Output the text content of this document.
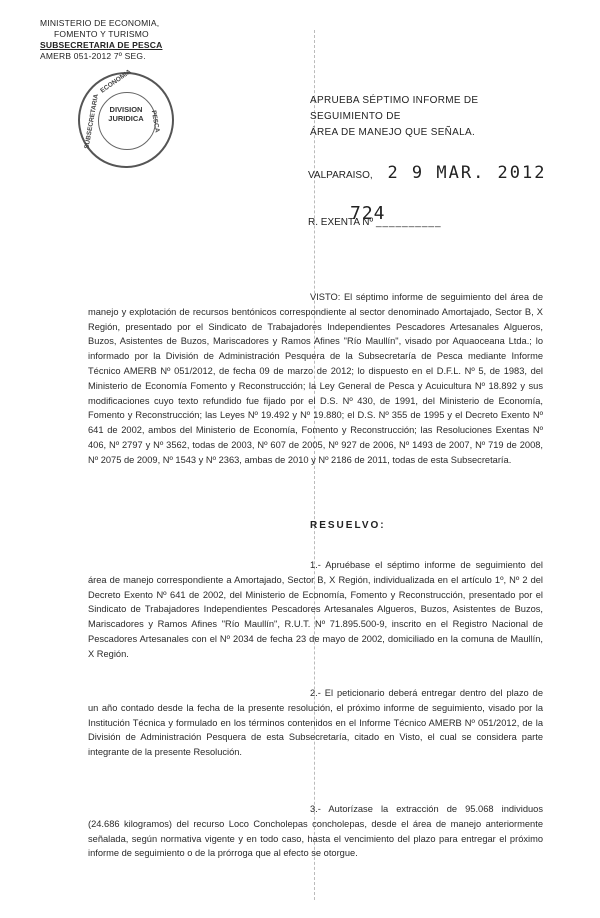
MINISTERIO DE ECONOMIA,
FOMENTO Y TURISMO
SUBSECRETARIA DE PESCA
AMERB 051-2012 7º SEG.
DIVISION
JURIDICA
ECONOMIA
SUBSECRETARIA	PESCA
APRUEBA SÉPTIMO INFORME DE SEGUIMIENTO DE
ÁREA DE MANEJO QUE SEÑALA.
VALPARAISO, 2 9 MAR. 2012
724
R. EXENTA Nº __________
VISTO: El séptimo informe de seguimiento del área de manejo y explotación de recursos bentónicos correspondiente al sector denominado Amortajado, Sector B, X Región, presentado por el Sindicato de Trabajadores Independientes Pescadores Artesanales Algueros, Buzos, Asistentes de Buzos, Mariscadores y Ramos Afines "Río Maullín", visado por Aquaoceana Ltda.; lo informado por la División de Administración Pesquera de la Subsecretaría de Pesca mediante Informe Técnico AMERB Nº 051/2012, de fecha 09 de marzo de 2012; lo dispuesto en el D.F.L. Nº 5, de 1983, del Ministerio de Economía Fomento y Reconstrucción; la Ley General de Pesca y Acuicultura Nº 18.892 y sus modificaciones cuyo texto refundido fue fijado por el D.S. Nº 430, de 1991, del Ministerio de Economía, Fomento y Reconstrucción; las Leyes Nº 19.492 y Nº 19.880; el D.S. Nº 355 de 1995 y el Decreto Exento Nº 641 de 2002, ambos del Ministerio de Economía, Fomento y Reconstrucción; las Resoluciones Exentas Nº 406, Nº 2797 y Nº 3562, todas de 2003, Nº 607 de 2005, Nº 927 de 2006, Nº 1493 de 2007, Nº 719 de 2008, Nº 2075 de 2009, Nº 1543 y Nº 2363, ambas de 2010 y Nº 2186 de 2011, todas de esta Subsecretaría.
RESUELVO:
1.- Apruébase el séptimo informe de seguimiento del área de manejo correspondiente a Amortajado, Sector B, X Región, individualizada en el artículo 1º, Nº 2 del Decreto Exento Nº 641 de 2002, del Ministerio de Economía, Fomento y Reconstrucción, presentado por el Sindicato de Trabajadores Independientes Pescadores Artesanales Algueros, Buzos, Asistentes de Buzos, Mariscadores y Ramos Afines "Río Maullín", R.U.T. Nº 71.895.500-9, inscrito en el Registro Nacional de Pescadores Artesanales con el Nº 2034 de fecha 23 de mayo de 2002, domiciliado en la comuna de Maullín, X Región.
2.- El peticionario deberá entregar dentro del plazo de un año contado desde la fecha de la presente resolución, el próximo informe de seguimiento, visado por la Institución Técnica y formulado en los términos contenidos en el Informe Técnico AMERB Nº 051/2012, de la División de Administración Pesquera de esta Subsecretaría, citado en Visto, el cual se considera parte integrante de la presente Resolución.
3.- Autorízase la extracción de 95.068 individuos (24.686 kilogramos) del recurso Loco Concholepas concholepas, desde el área de manejo anteriormente señalada, según normativa vigente y en todo caso, hasta el vencimiento del plazo para entregar el próximo informe de seguimiento o de la prórroga que al efecto se otorgue.
